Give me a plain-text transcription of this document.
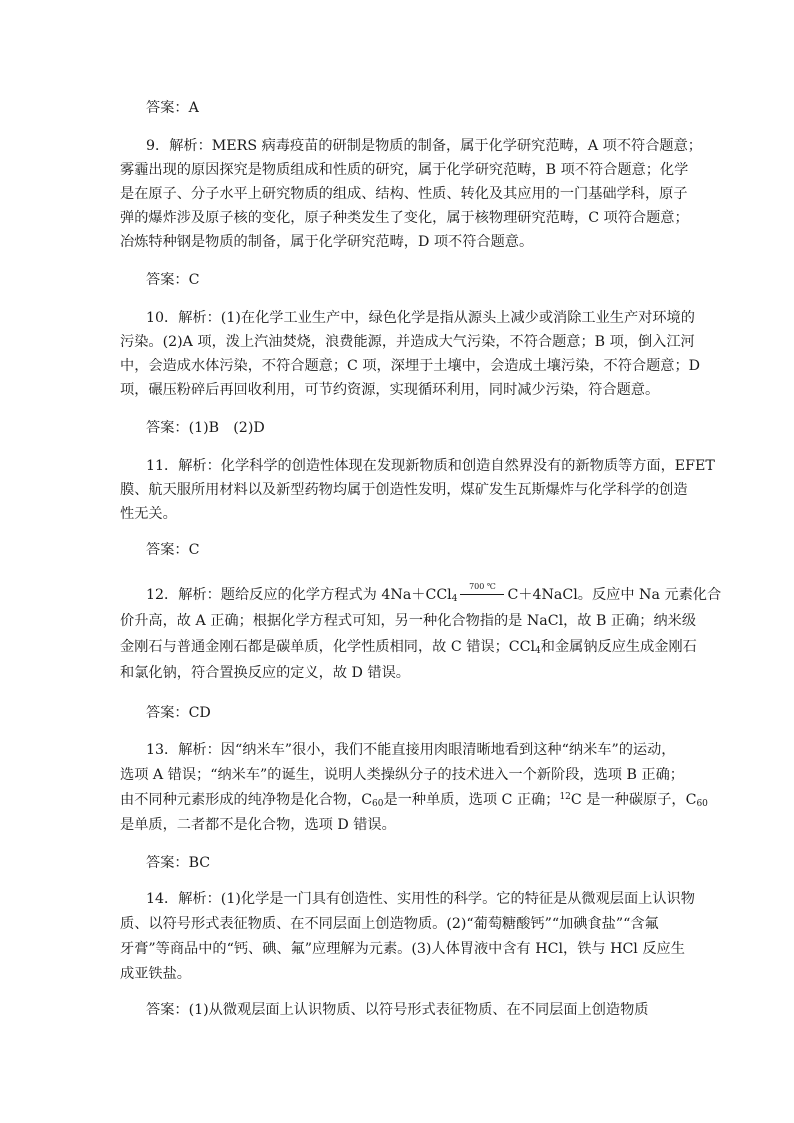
答案：A
9．解析：MERS 病毒疫苗的研制是物质的制备，属于化学研究范畴，A 项不符合题意；
雾霾出现的原因探究是物质组成和性质的研究，属于化学研究范畴，B 项不符合题意；化学
是在原子、分子水平上研究物质的组成、结构、性质、转化及其应用的一门基础学科，原子
弹的爆炸涉及原子核的变化，原子种类发生了变化，属于核物理研究范畴，C 项符合题意；
冶炼特种钢是物质的制备，属于化学研究范畴，D 项不符合题意。
答案：C
10．解析：(1)在化学工业生产中，绿色化学是指从源头上减少或消除工业生产对环境的
污染。(2)A 项，泼上汽油焚烧，浪费能源，并造成大气污染，不符合题意；B 项，倒入江河
中，会造成水体污染，不符合题意；C 项，深埋于土壤中，会造成土壤污染，不符合题意；D
项，碾压粉碎后再回收利用，可节约资源，实现循环利用，同时减少污染，符合题意。
答案：(1)B　(2)D
11．解析：化学科学的创造性体现在发现新物质和创造自然界没有的新物质等方面，EFET
膜、航天服所用材料以及新型药物均属于创造性发明，煤矿发生瓦斯爆炸与化学科学的创造
性无关。
答案：C
12．解析：题给反应的化学方程式为 4Na＋CCl$_4$
700 ℃
C＋4NaCl。反应中 Na 元素化合
价升高，故 A 正确；根据化学方程式可知，另一种化合物指的是 NaCl，故 B 正确；纳米级
金刚石与普通金刚石都是碳单质，化学性质相同，故 C 错误；CCl$_4$和金属钠反应生成金刚石
和氯化钠，符合置换反应的定义，故 D 错误。
答案：CD
13．解析：因“纳米车”很小，我们不能直接用肉眼清晰地看到这种“纳米车”的运动，
选项 A 错误；“纳米车”的诞生，说明人类操纵分子的技术进入一个新阶段，选项 B 正确；
由不同种元素形成的纯净物是化合物，$C_{60}$是一种单质，选项 C 正确；$^{12}$C 是一种碳原子，$C_{60}$
是单质，二者都不是化合物，选项 D 错误。
答案：BC
14．解析：(1)化学是一门具有创造性、实用性的科学。它的特征是从微观层面上认识物
质、以符号形式表征物质、在不同层面上创造物质。(2)“葡萄糖酸钙”“加碘食盐”“含氟
牙膏”等商品中的“钙、碘、氟”应理解为元素。(3)人体胃液中含有 HCl，铁与 HCl 反应生
成亚铁盐。
答案：(1)从微观层面上认识物质、以符号形式表征物质、在不同层面上创造物质
